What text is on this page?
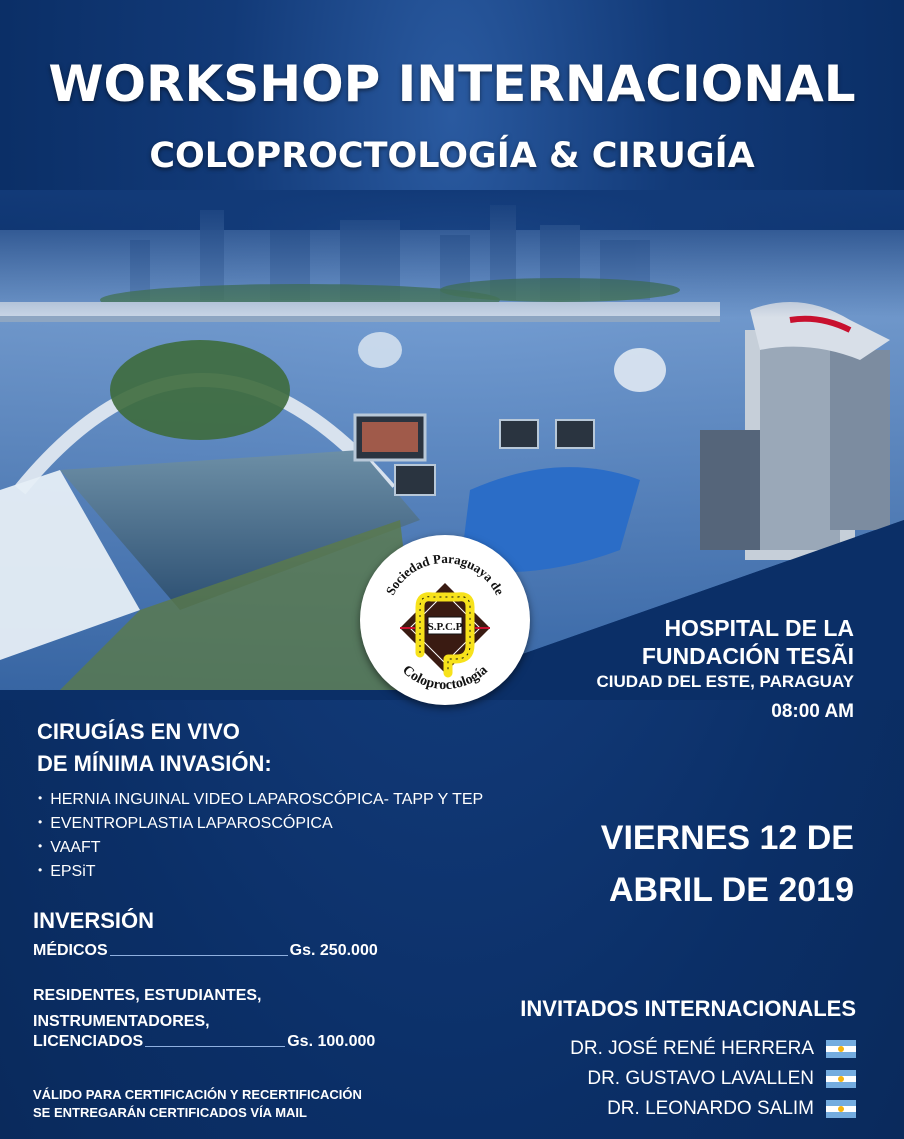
WORKSHOP INTERNACIONAL
COLOPROCTOLOGÍA & CIRUGÍA
Sociedad Paraguaya de
S.P.C.P
Coloproctología
HOSPITAL DE LA
FUNDACIÓN TESÃI
CIUDAD DEL ESTE, PARAGUAY
08:00 AM
CIRUGÍAS EN VIVO
DE MÍNIMA INVASIÓN:
• HERNIA INGUINAL VIDEO LAPAROSCÓPICA- TAPP Y TEP
• EVENTROPLASTIA LAPAROSCÓPICA
• VAAFT
• EPSiT
VIERNES 12 DE
ABRIL DE 2019
INVERSIÓN
MÉDICOS	Gs. 250.000
RESIDENTES, ESTUDIANTES,
INSTRUMENTADORES,
LICENCIADOS	Gs. 100.000
VÁLIDO PARA CERTIFICACIÓN Y RECERTIFICACIÓN
SE ENTREGARÁN CERTIFICADOS VÍA MAIL
INVITADOS INTERNACIONALES
DR. JOSÉ RENÉ HERRERA
DR. GUSTAVO LAVALLEN
DR. LEONARDO SALIM
